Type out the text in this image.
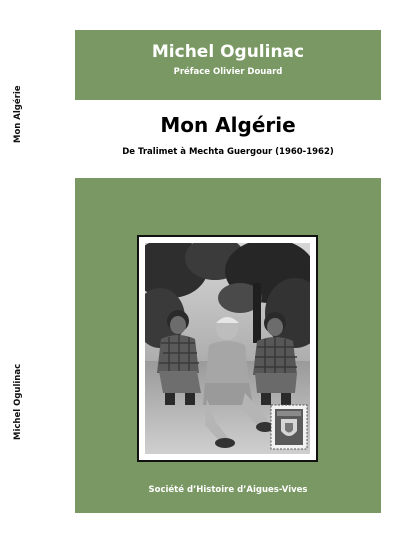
Mon Algérie
Michel Ogulinac
Michel Ogulinac
Préface Olivier Douard
Mon Algérie
De Tralimet à Mechta Guergour (1960-1962)
Société d’Histoire d’Aigues-Vives
